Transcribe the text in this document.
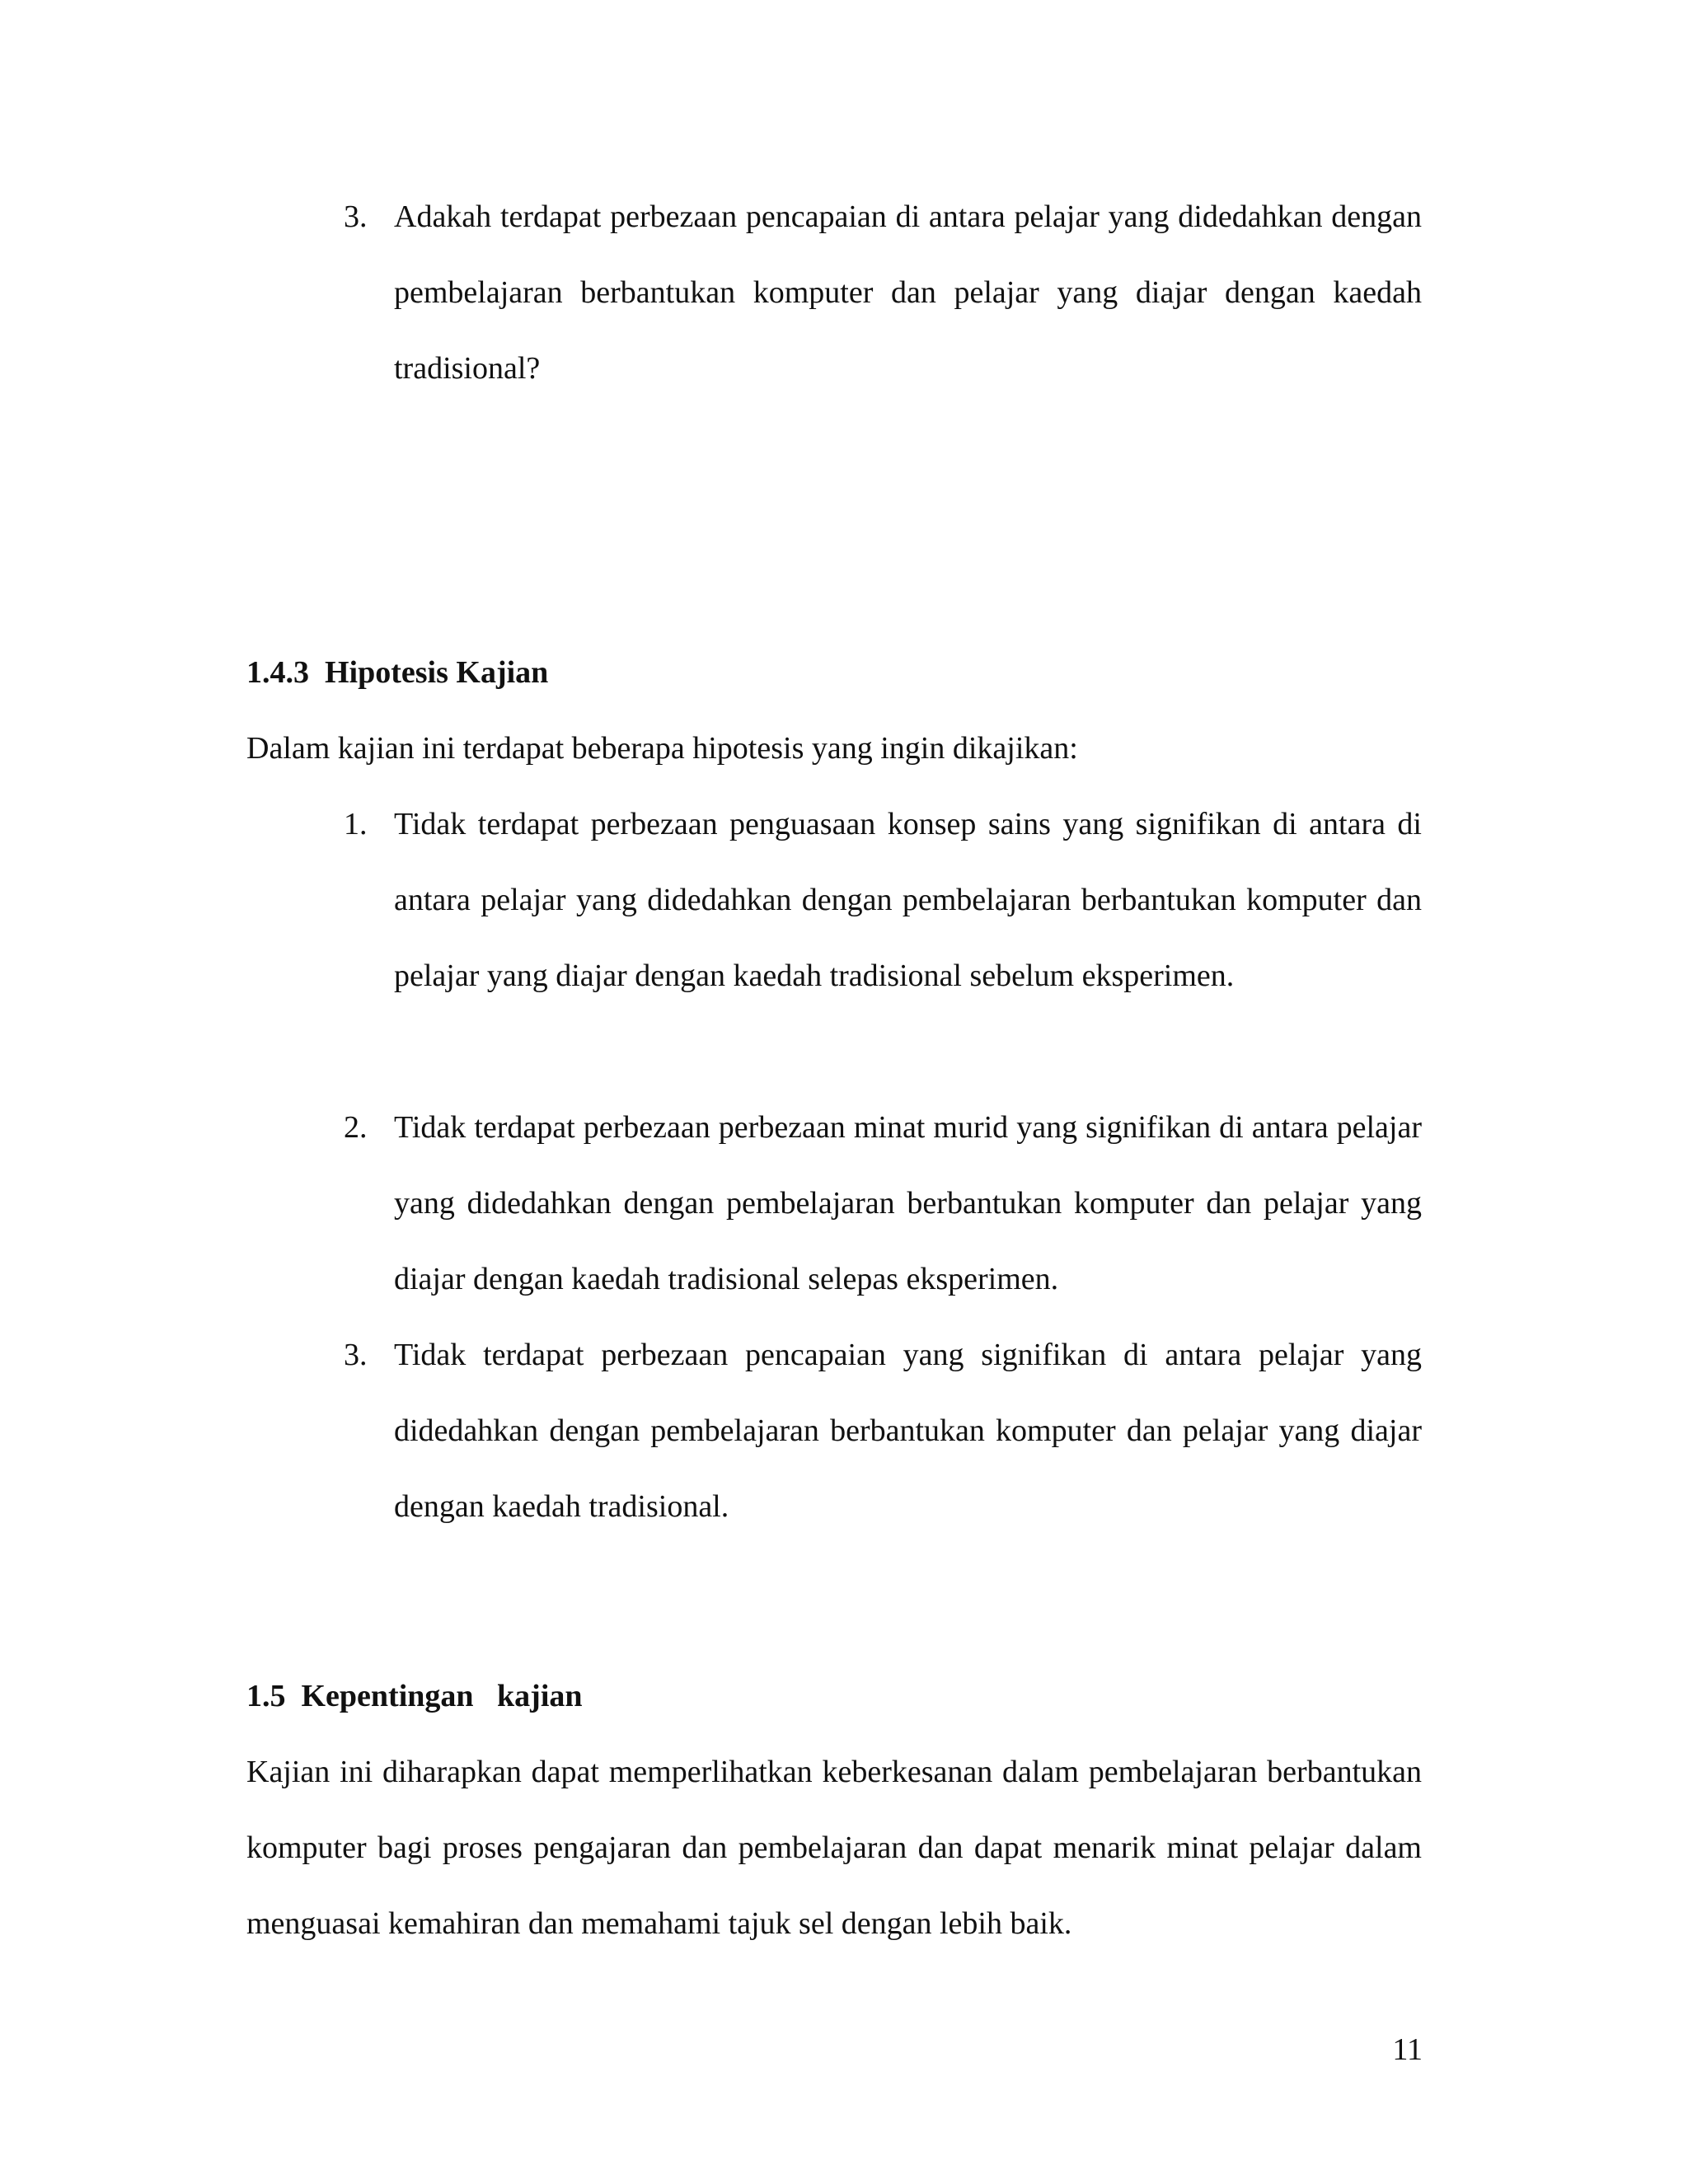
3. Adakah terdapat perbezaan pencapaian di antara pelajar yang didedahkan dengan pembelajaran berbantukan komputer dan pelajar yang diajar dengan kaedah tradisional?

1.4.3  Hipotesis Kajian

Dalam kajian ini terdapat beberapa hipotesis yang ingin dikajikan:

1. Tidak terdapat perbezaan penguasaan konsep sains yang signifikan di antara di antara pelajar yang didedahkan dengan pembelajaran berbantukan komputer dan pelajar yang diajar dengan kaedah tradisional sebelum eksperimen.

2. Tidak terdapat perbezaan perbezaan minat murid yang signifikan di antara pelajar yang didedahkan dengan pembelajaran berbantukan komputer dan pelajar yang diajar dengan kaedah tradisional selepas eksperimen.

3. Tidak terdapat perbezaan pencapaian yang signifikan di antara pelajar yang didedahkan dengan pembelajaran berbantukan komputer dan pelajar yang diajar dengan kaedah tradisional.

1.5  Kepentingan   kajian

Kajian ini diharapkan dapat memperlihatkan keberkesanan dalam pembelajaran berbantukan komputer bagi proses pengajaran dan pembelajaran dan dapat menarik minat pelajar dalam menguasai kemahiran dan memahami tajuk sel dengan lebih baik.

11
